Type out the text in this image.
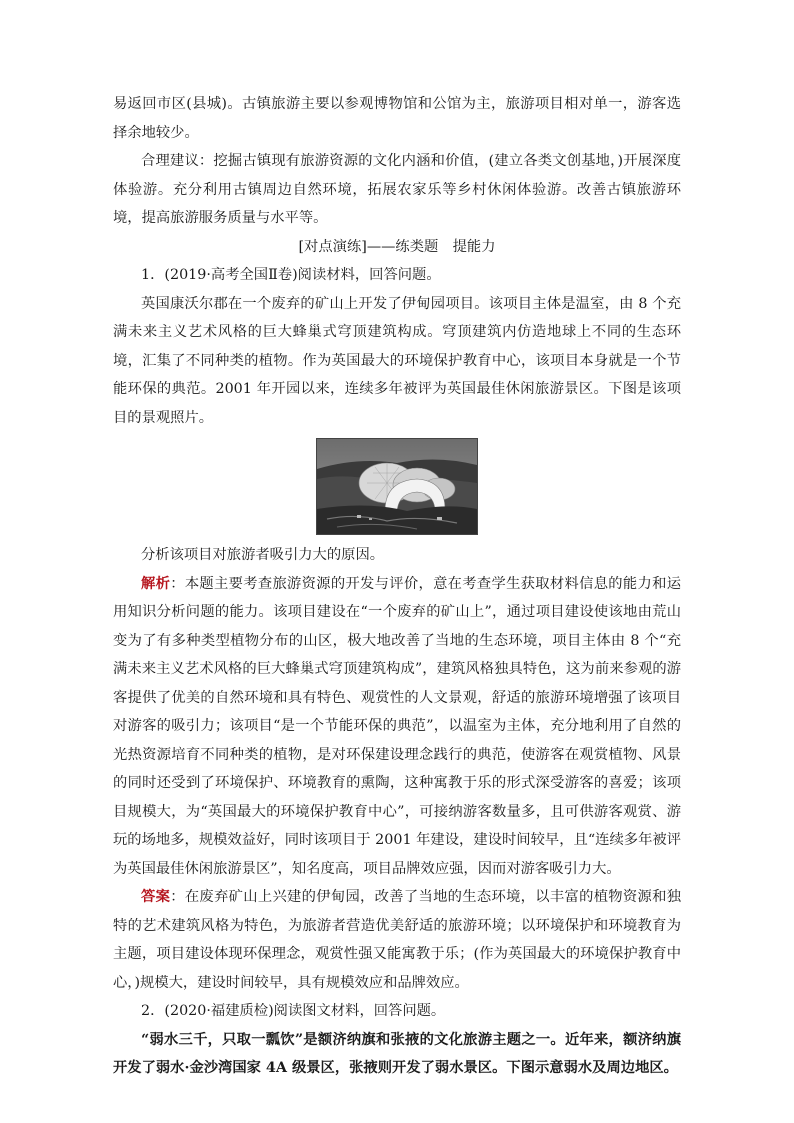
易返回市区(县城)。古镇旅游主要以参观博物馆和公馆为主，旅游项目相对单一，游客选择余地较少。

合理建议：挖掘古镇现有旅游资源的文化内涵和价值，(建立各类文创基地，)开展深度体验游。充分利用古镇周边自然环境，拓展农家乐等乡村休闲体验游。改善古镇旅游环境，提高旅游服务质量与水平等。

[对点演练]——练类题　提能力

1．(2019·高考全国Ⅱ卷)阅读材料，回答问题。

英国康沃尔郡在一个废弃的矿山上开发了伊甸园项目。该项目主体是温室，由 8 个充满未来主义艺术风格的巨大蜂巢式穹顶建筑构成。穹顶建筑内仿造地球上不同的生态环境，汇集了不同种类的植物。作为英国最大的环境保护教育中心，该项目本身就是一个节能环保的典范。2001 年开园以来，连续多年被评为英国最佳休闲旅游景区。下图是该项目的景观照片。

分析该项目对旅游者吸引力大的原因。

解析：本题主要考查旅游资源的开发与评价，意在考查学生获取材料信息的能力和运用知识分析问题的能力。该项目建设在“一个废弃的矿山上”，通过项目建设使该地由荒山变为了有多种类型植物分布的山区，极大地改善了当地的生态环境，项目主体由 8 个“充满未来主义艺术风格的巨大蜂巢式穹顶建筑构成”，建筑风格独具特色，这为前来参观的游客提供了优美的自然环境和具有特色、观赏性的人文景观，舒适的旅游环境增强了该项目对游客的吸引力；该项目“是一个节能环保的典范”，以温室为主体，充分地利用了自然的光热资源培育不同种类的植物，是对环保建设理念践行的典范，使游客在观赏植物、风景的同时还受到了环境保护、环境教育的熏陶，这种寓教于乐的形式深受游客的喜爱；该项目规模大，为“英国最大的环境保护教育中心”，可接纳游客数量多，且可供游客观赏、游玩的场地多，规模效益好，同时该项目于 2001 年建设，建设时间较早，且“连续多年被评为英国最佳休闲旅游景区”，知名度高，项目品牌效应强，因而对游客吸引力大。

答案：在废弃矿山上兴建的伊甸园，改善了当地的生态环境，以丰富的植物资源和独特的艺术建筑风格为特色，为旅游者营造优美舒适的旅游环境；以环境保护和环境教育为主题，项目建设体现环保理念，观赏性强又能寓教于乐；(作为英国最大的环境保护教育中心，)规模大，建设时间较早，具有规模效应和品牌效应。

2．(2020·福建质检)阅读图文材料，回答问题。

“弱水三千，只取一瓢饮”是额济纳旗和张掖的文化旅游主题之一。近年来，额济纳旗开发了弱水·金沙湾国家 4A 级景区，张掖则开发了弱水景区。下图示意弱水及周边地区。
